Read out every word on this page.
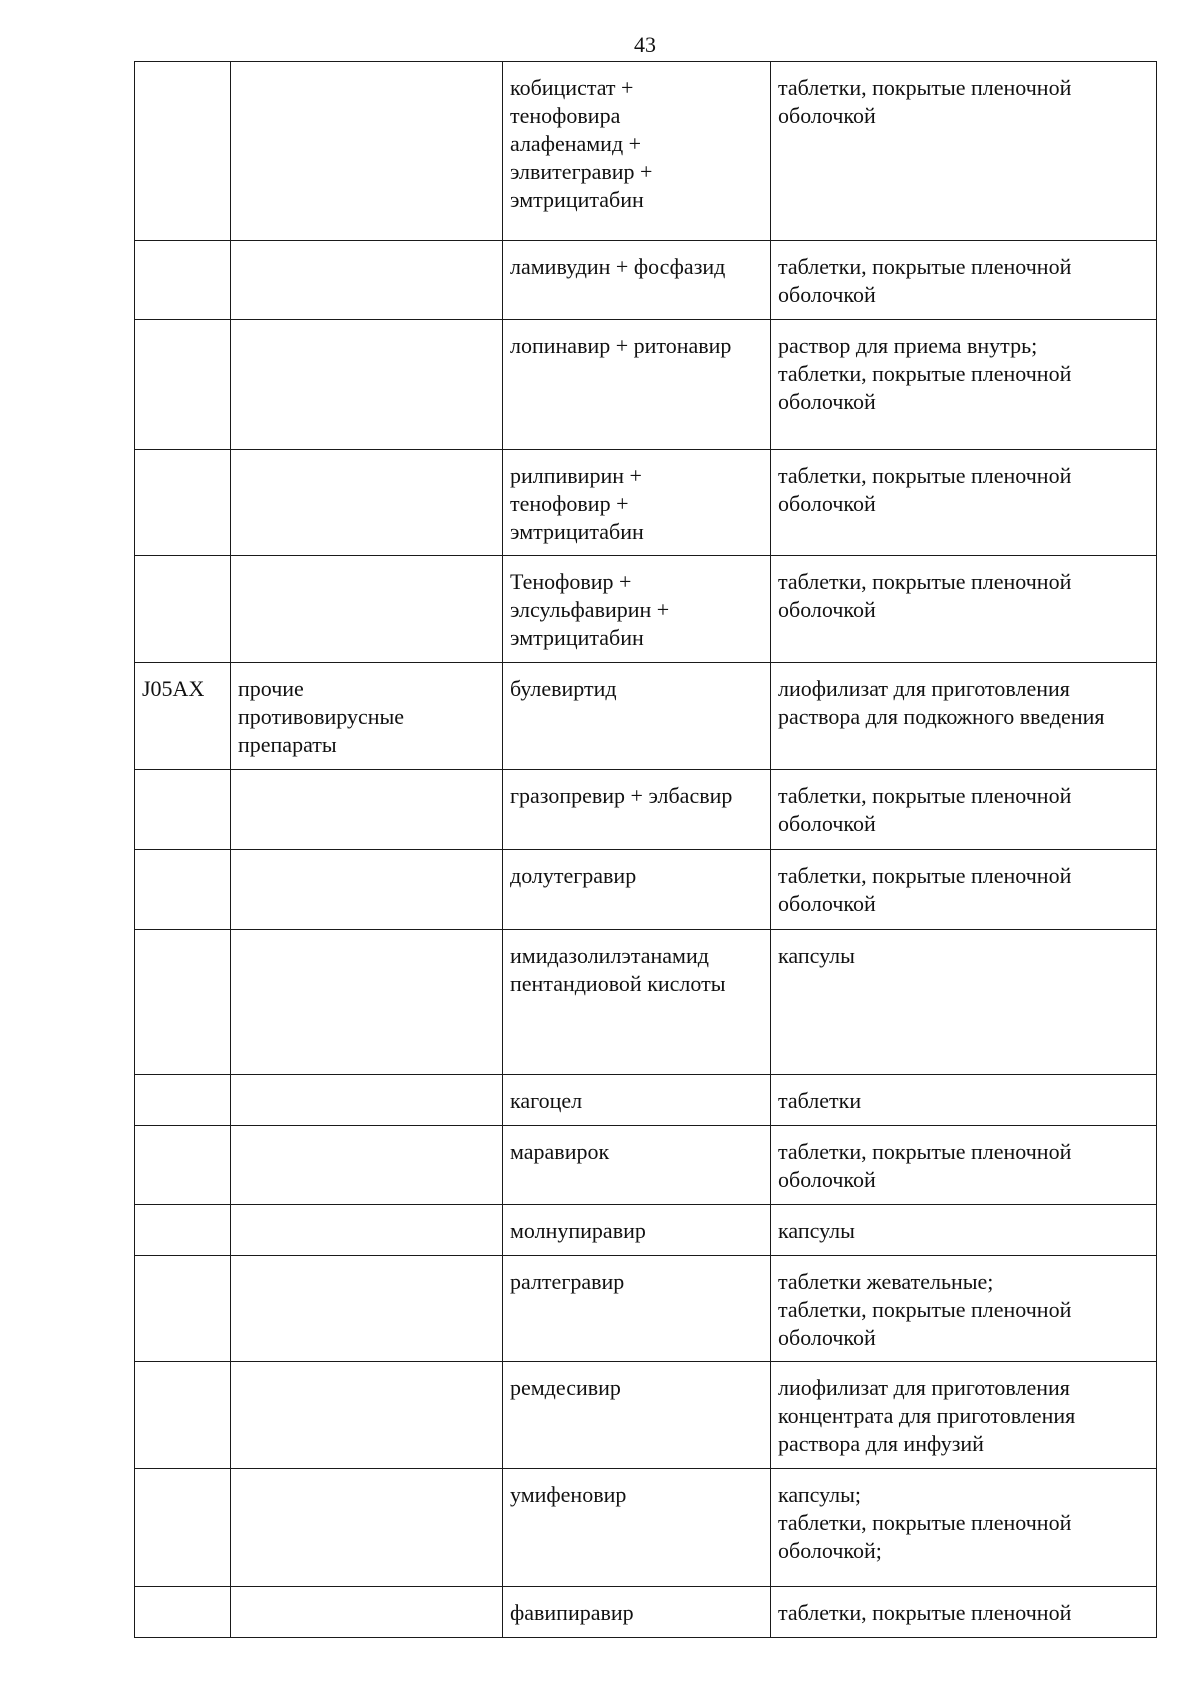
43
		кобицистат +
тенофовира
алафенамид +
элвитегравир +
эмтрицитабин	таблетки, покрытые пленочной
оболочкой
		ламивудин + фосфазид	таблетки, покрытые пленочной
оболочкой
		лопинавир + ритонавир	раствор для приема внутрь;
таблетки, покрытые пленочной
оболочкой
		рилпивирин +
тенофовир +
эмтрицитабин	таблетки, покрытые пленочной
оболочкой
		Тенофовир +
элсульфавирин +
эмтрицитабин	таблетки, покрытые пленочной
оболочкой
J05AX	прочие
противовирусные
препараты	булевиртид	лиофилизат для приготовления
раствора для подкожного введения
		гразопревир + элбасвир	таблетки, покрытые пленочной
оболочкой
		долутегравир	таблетки, покрытые пленочной
оболочкой
		имидазолилэтанамид
пентандиовой кислоты	капсулы
		кагоцел	таблетки
		маравирок	таблетки, покрытые пленочной
оболочкой
		молнупиравир	капсулы
		ралтегравир	таблетки жевательные;
таблетки, покрытые пленочной
оболочкой
		ремдесивир	лиофилизат для приготовления
концентрата для приготовления
раствора для инфузий
		умифеновир	капсулы;
таблетки, покрытые пленочной
оболочкой;
		фавипиравир	таблетки, покрытые пленочной
